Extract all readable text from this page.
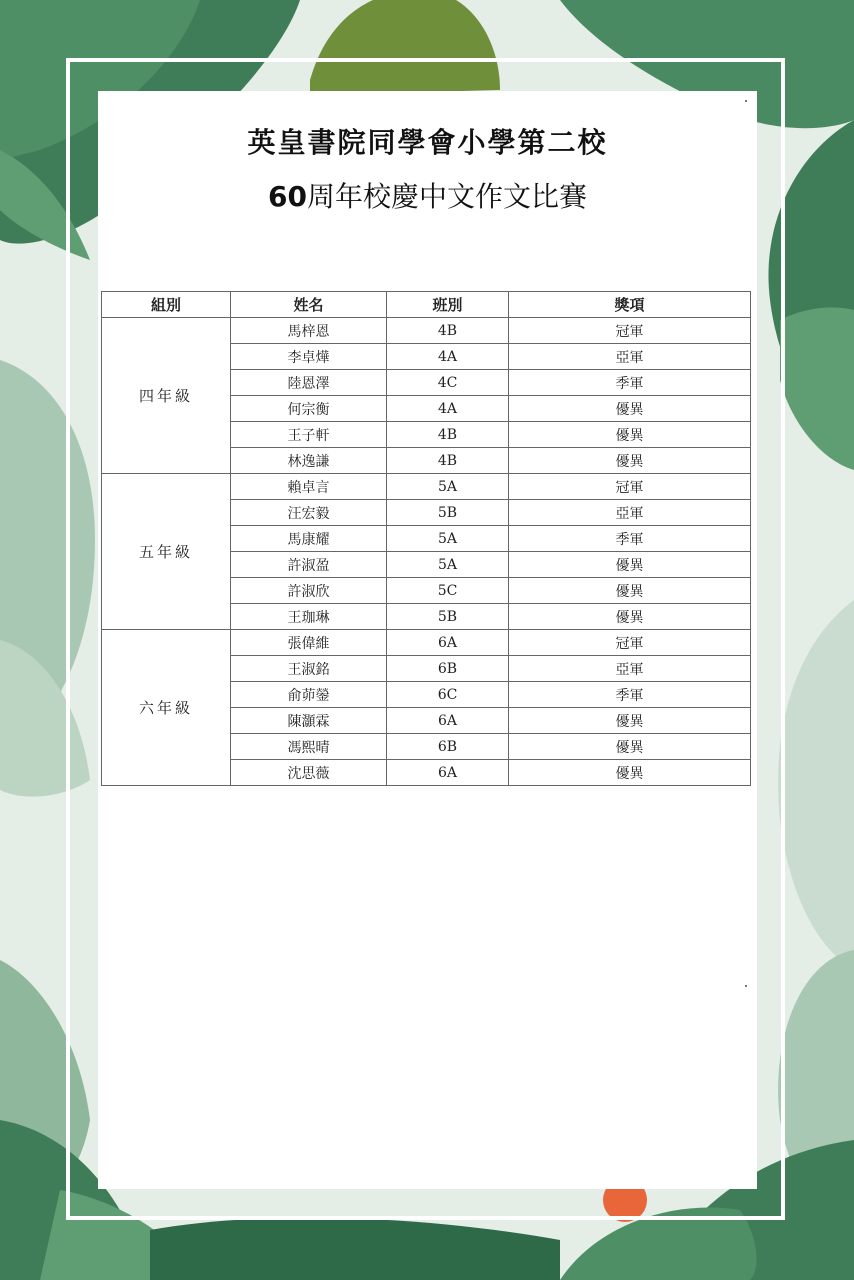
英皇書院同學會小學第二校
60周年校慶中文作文比賽
組別	姓名	班別	獎項
四年級	馬梓恩	4B	冠軍
	李卓燁	4A	亞軍
	陸恩澤	4C	季軍
	何宗衡	4A	優異
	王子軒	4B	優異
	林逸謙	4B	優異
五年級	賴卓言	5A	冠軍
	汪宏毅	5B	亞軍
	馬康耀	5A	季軍
	許淑盈	5A	優異
	許淑欣	5C	優異
	王珈琳	5B	優異
六年級	張偉維	6A	冠軍
	王淑銘	6B	亞軍
	俞茆鎣	6C	季軍
	陳灝霖	6A	優異
	馮熙晴	6B	優異
	沈思薇	6A	優異
